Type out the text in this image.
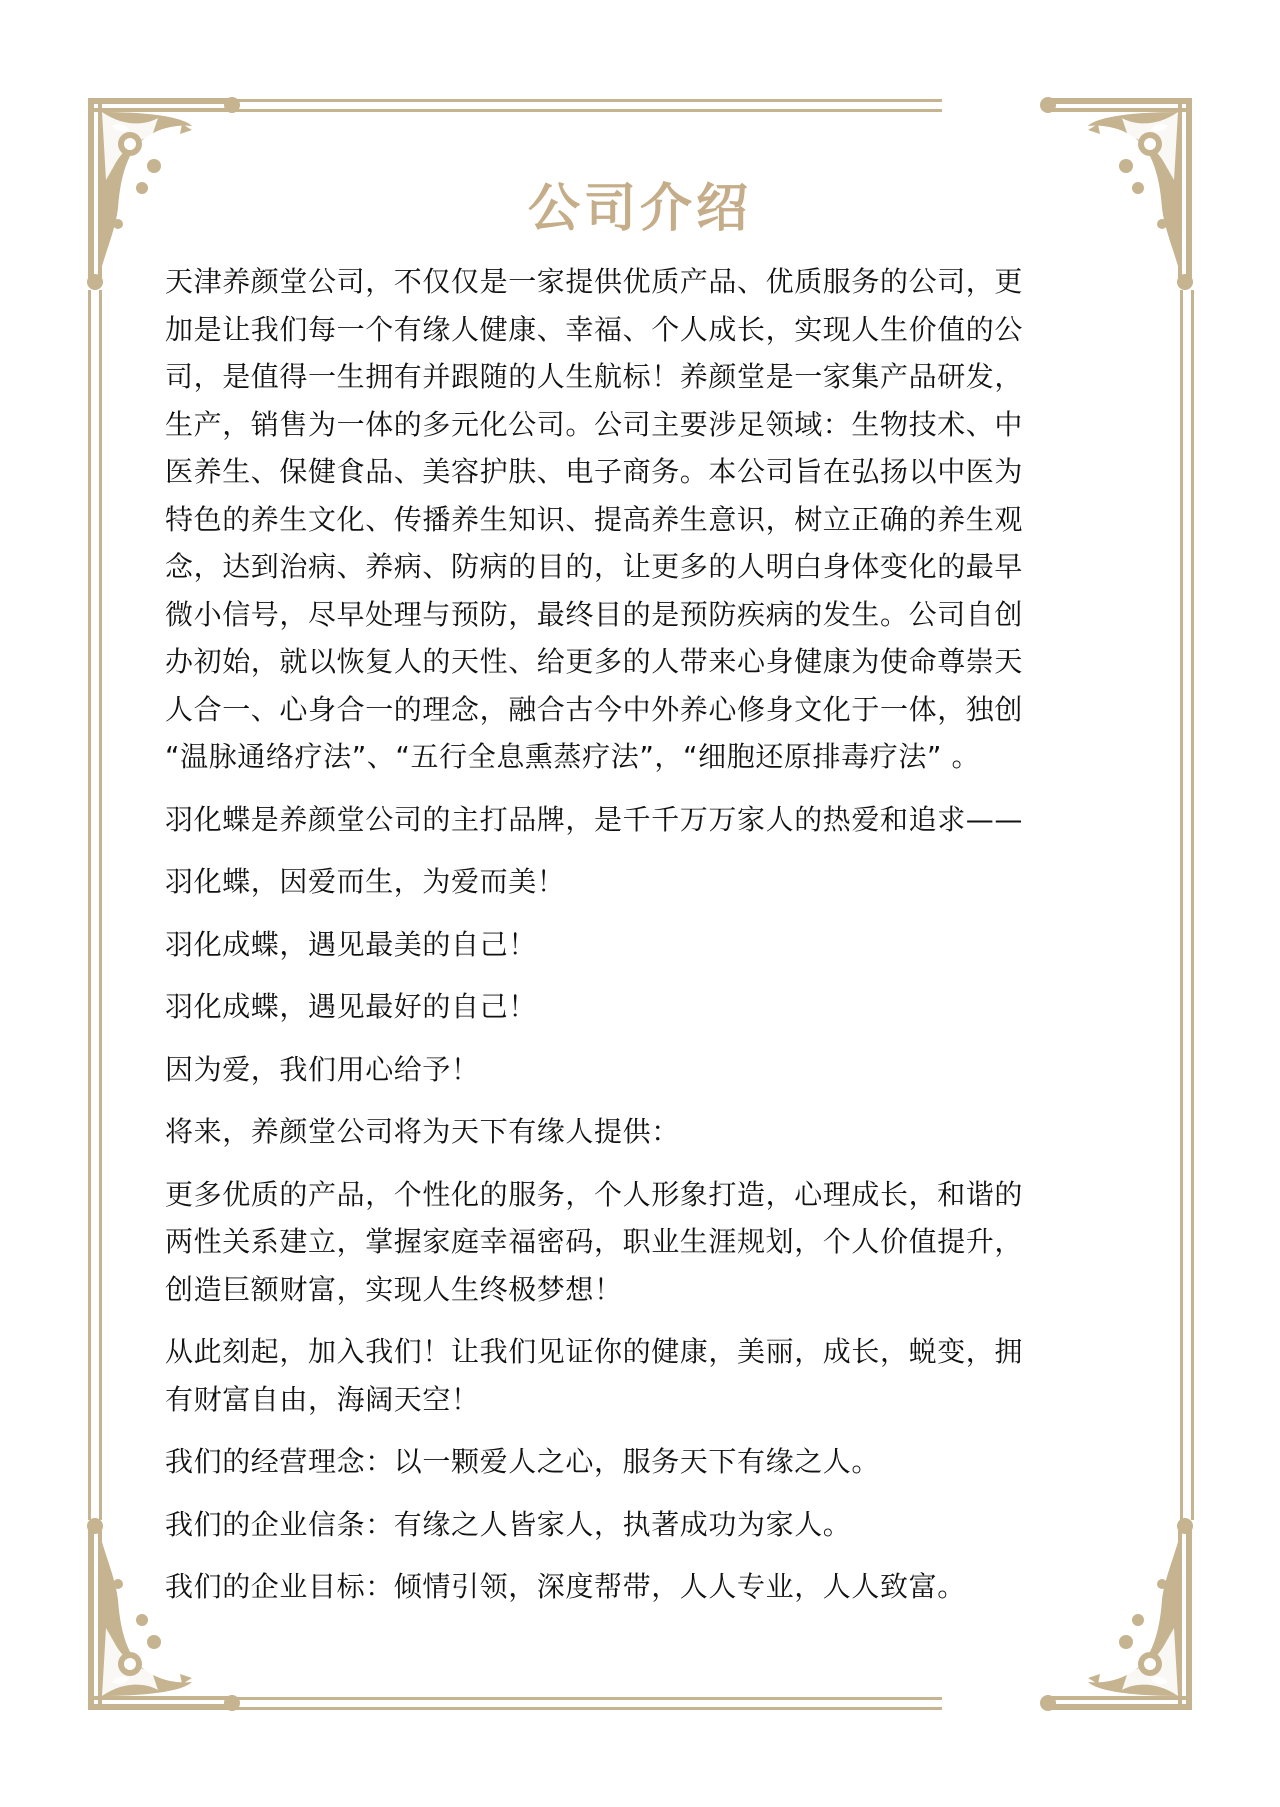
公司介绍

天津养颜堂公司，不仅仅是一家提供优质产品、优质服务的公司，更
加是让我们每一个有缘人健康、幸福、个人成长，实现人生价值的公
司，是值得一生拥有并跟随的人生航标！养颜堂是一家集产品研发，
生产，销售为一体的多元化公司。公司主要涉足领域：生物技术、中
医养生、保健食品、美容护肤、电子商务。本公司旨在弘扬以中医为
特色的养生文化、传播养生知识、提高养生意识，树立正确的养生观
念，达到治病、养病、防病的目的，让更多的人明白身体变化的最早
微小信号，尽早处理与预防，最终目的是预防疾病的发生。公司自创
办初始，就以恢复人的天性、给更多的人带来心身健康为使命尊崇天
人合一、心身合一的理念，融合古今中外养心修身文化于一体，独创
“温脉通络疗法”、“五行全息熏蒸疗法”，“细胞还原排毒疗法” 。

羽化蝶是养颜堂公司的主打品牌，是千千万万家人的热爱和追求——

羽化蝶，因爱而生，为爱而美！

羽化成蝶，遇见最美的自己！

羽化成蝶，遇见最好的自己！

因为爱，我们用心给予！

将来，养颜堂公司将为天下有缘人提供：

更多优质的产品，个性化的服务，个人形象打造，心理成长，和谐的
两性关系建立，掌握家庭幸福密码，职业生涯规划，个人价值提升，
创造巨额财富，实现人生终极梦想！

从此刻起，加入我们！让我们见证你的健康，美丽，成长，蜕变，拥
有财富自由，海阔天空！

我们的经营理念：以一颗爱人之心，服务天下有缘之人。

我们的企业信条：有缘之人皆家人，执著成功为家人。

我们的企业目标：倾情引领，深度帮带，人人专业，人人致富。
